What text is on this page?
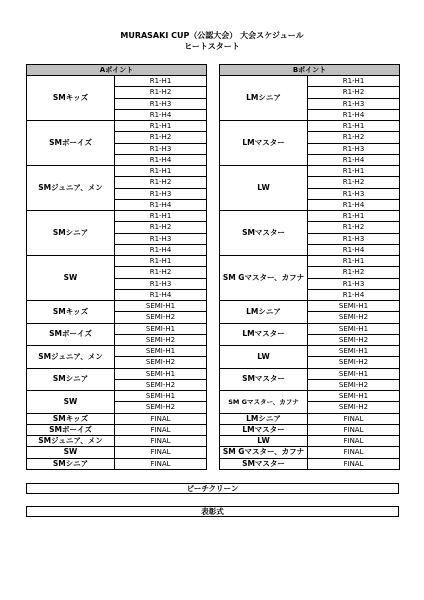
MURASAKI CUP（公認大会） 大会スケジュール
ヒートスタート
Aポイント	
SMキッズ	R1-H1
	R1-H2
	R1-H3
	R1-H4
SMボーイズ	R1-H1
	R1-H2
	R1-H3
	R1-H4
SMジュニア、メン	R1-H1
	R1-H2
	R1-H3
	R1-H4
SMシニア	R1-H1
	R1-H2
	R1-H3
	R1-H4
SW	R1-H1
	R1-H2
	R1-H3
	R1-H4
SMキッズ	SEMI-H1
	SEMI-H2
SMボーイズ	SEMI-H1
	SEMI-H2
SMジュニア、メン	SEMI-H1
	SEMI-H2
SMシニア	SEMI-H1
	SEMI-H2
SW	SEMI-H1
	SEMI-H2
SMキッズ	FINAL
SMボーイズ	FINAL
SMジュニア、メン	FINAL
SW	FINAL
SMシニア	FINAL
Bポイント	
LMシニア	R1-H1
	R1-H2
	R1-H3
	R1-H4
LMマスター	R1-H1
	R1-H2
	R1-H3
	R1-H4
LW	R1-H1
	R1-H2
	R1-H3
	R1-H4
SMマスター	R1-H1
	R1-H2
	R1-H3
	R1-H4
SM Gマスター、カフナ	R1-H1
	R1-H2
	R1-H3
	R1-H4
LMシニア	SEMI-H1
	SEMI-H2
LMマスター	SEMI-H1
	SEMI-H2
LW	SEMI-H1
	SEMI-H2
SMマスター	SEMI-H1
	SEMI-H2
SM Gマスター、カフナ	SEMI-H1
	SEMI-H2
LMシニア	FINAL
LMマスター	FINAL
LW	FINAL
SM Gマスター、カフナ	FINAL
SMマスター	FINAL
ビーチクリーン
表彰式
